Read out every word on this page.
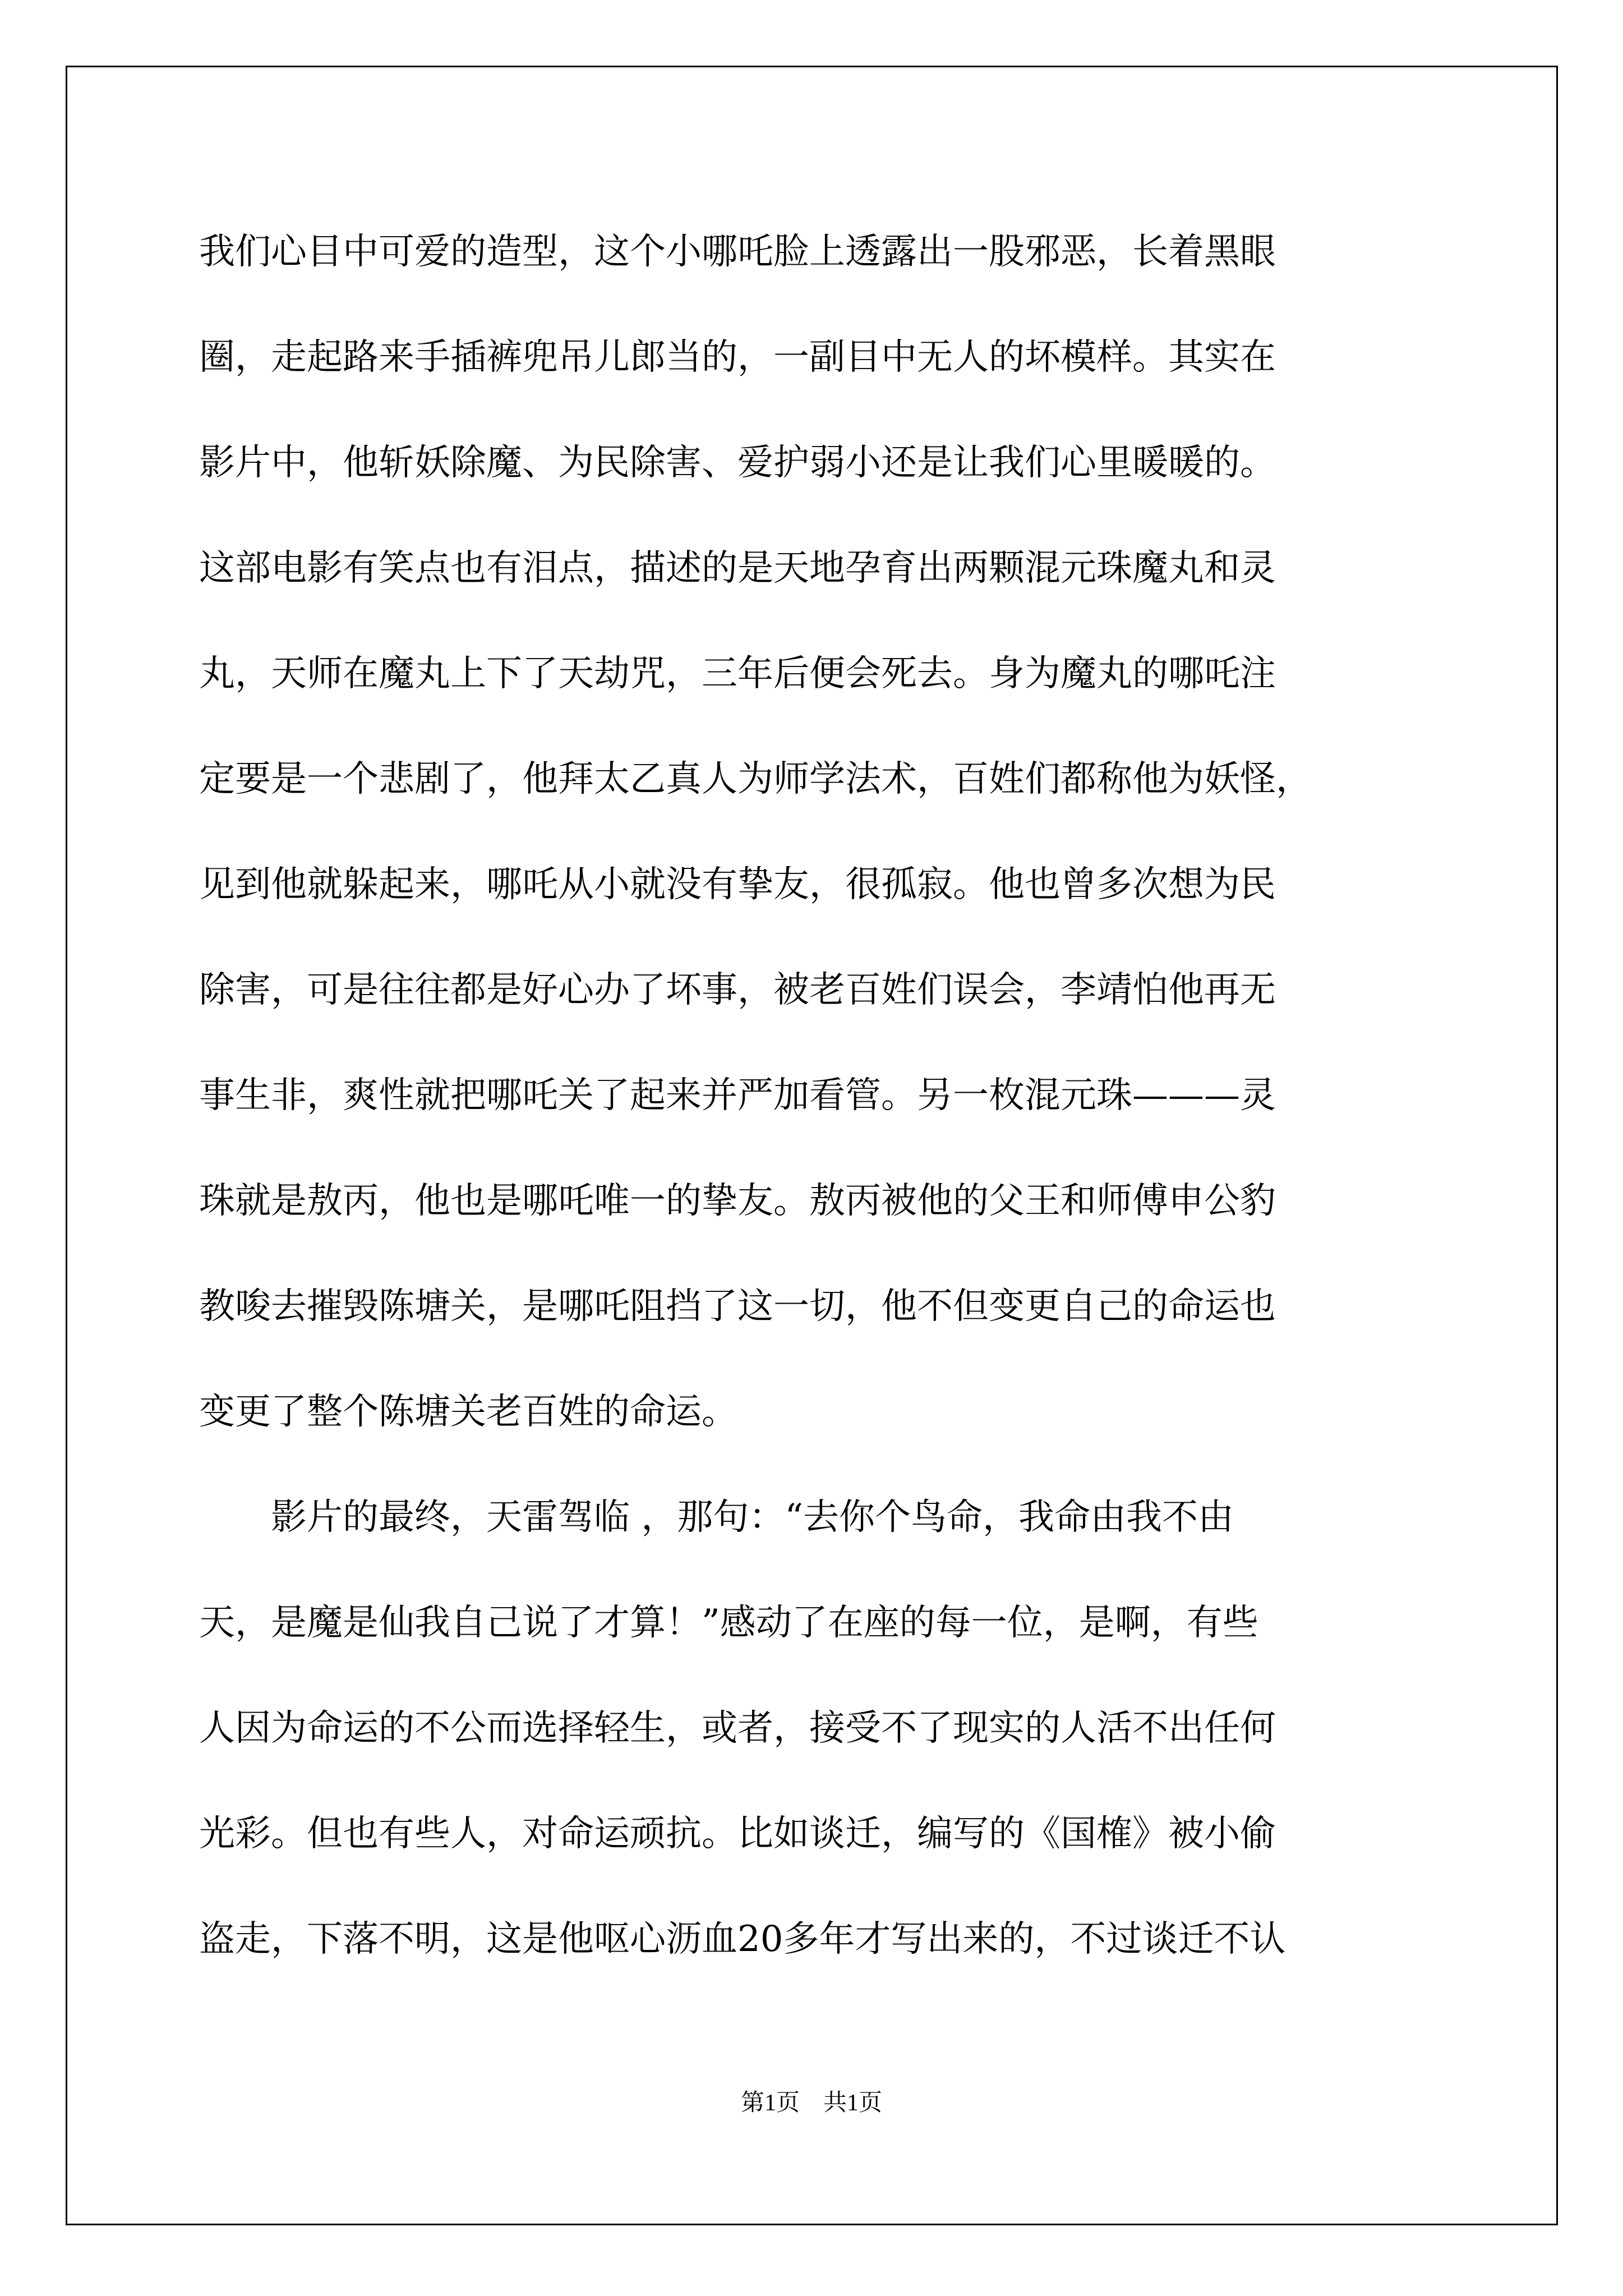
我们心目中可爱的造型，这个小哪吒脸上透露出一股邪恶，长着黑眼
圈，走起路来手插裤兜吊儿郎当的，一副目中无人的坏模样。其实在
影片中，他斩妖除魔、为民除害、爱护弱小还是让我们心里暖暖的。
这部电影有笑点也有泪点，描述的是天地孕育出两颗混元珠魔丸和灵
丸，天师在魔丸上下了天劫咒，三年后便会死去。身为魔丸的哪吒注
定要是一个悲剧了，他拜太乙真人为师学法术，百姓们都称他为妖怪，
见到他就躲起来，哪吒从小就没有挚友，很孤寂。他也曾多次想为民
除害，可是往往都是好心办了坏事，被老百姓们误会，李靖怕他再无
事生非，爽性就把哪吒关了起来并严加看管。另一枚混元珠———灵
珠就是敖丙，他也是哪吒唯一的挚友。敖丙被他的父王和师傅申公豹
教唆去摧毁陈塘关，是哪吒阻挡了这一切，他不但变更自己的命运也
变更了整个陈塘关老百姓的命运。
　　影片的最终，天雷驾临 ，那句：“去你个鸟命，我命由我不由
天，是魔是仙我自己说了才算！”感动了在座的每一位，是啊，有些
人因为命运的不公而选择轻生，或者，接受不了现实的人活不出任何
光彩。但也有些人，对命运顽抗。比如谈迁，编写的《国榷》被小偷
盗走，下落不明，这是他呕心沥血20多年才写出来的，不过谈迁不认
第1页　共1页
